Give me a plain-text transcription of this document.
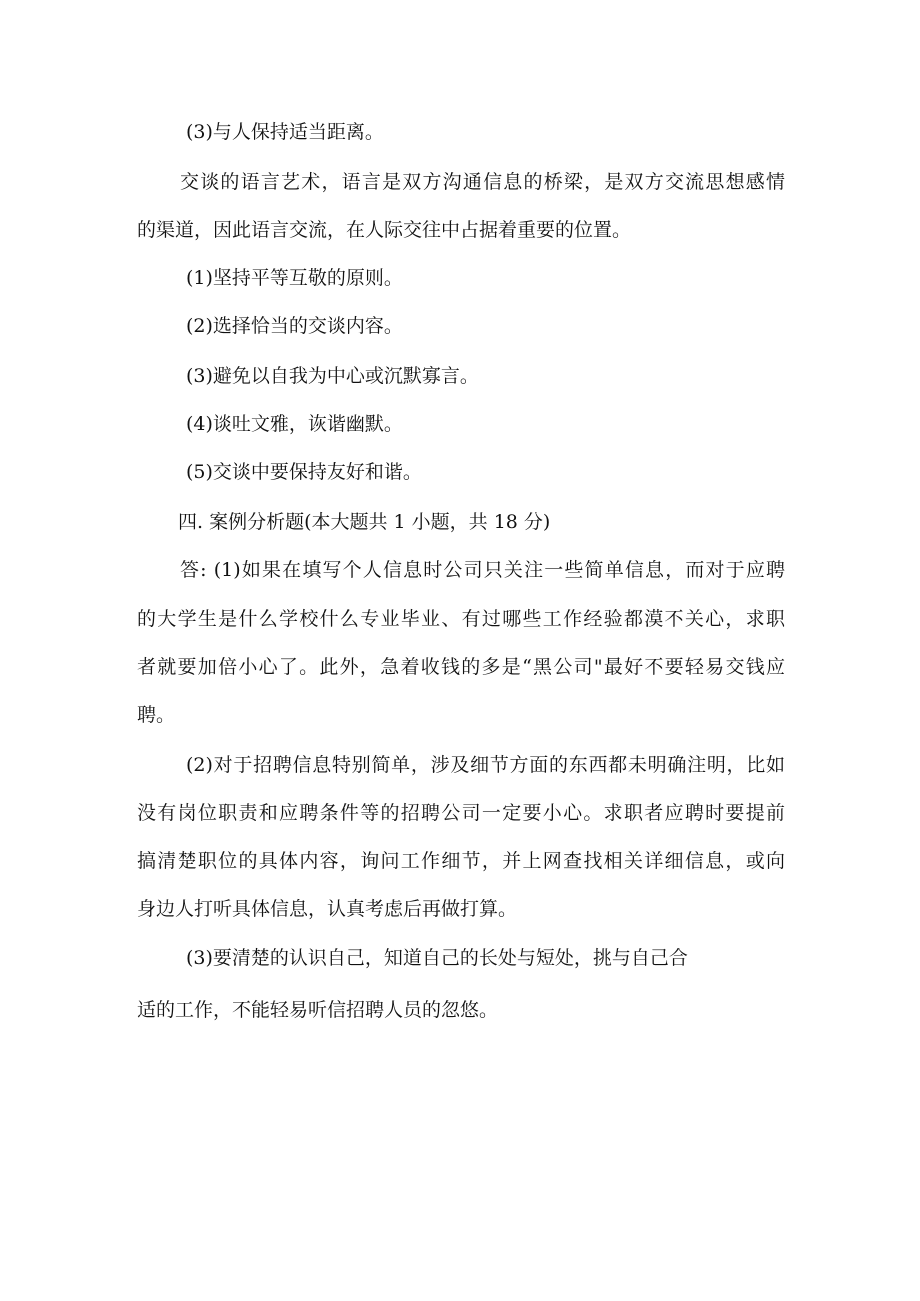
(3)与人保持适当距离。
交谈的语言艺术，语言是双方沟通信息的桥梁，是双方交流思想感情
的渠道，因此语言交流，在人际交往中占据着重要的位置。
(1)坚持平等互敬的原则。
(2)选择恰当的交谈内容。
(3)避免以自我为中心或沉默寡言。
(4)谈吐文雅，诙谐幽默。
(5)交谈中要保持友好和谐。
四. 案例分析题(本大题共 1 小题，共 18 分)
答: (1)如果在填写个人信息时公司只关注一些简单信息，而对于应聘
的大学生是什么学校什么专业毕业、有过哪些工作经验都漠不关心，求职
者就要加倍小心了。此外，急着收钱的多是“黑公司"最好不要轻易交钱应
聘。
(2)对于招聘信息特别简单，涉及细节方面的东西都未明确注明，比如
没有岗位职责和应聘条件等的招聘公司一定要小心。求职者应聘时要提前
搞清楚职位的具体内容，询问工作细节，并上网查找相关详细信息，或向
身边人打听具体信息，认真考虑后再做打算。
(3)要清楚的认识自己，知道自己的长处与短处，挑与自己合
适的工作，不能轻易听信招聘人员的忽悠。
